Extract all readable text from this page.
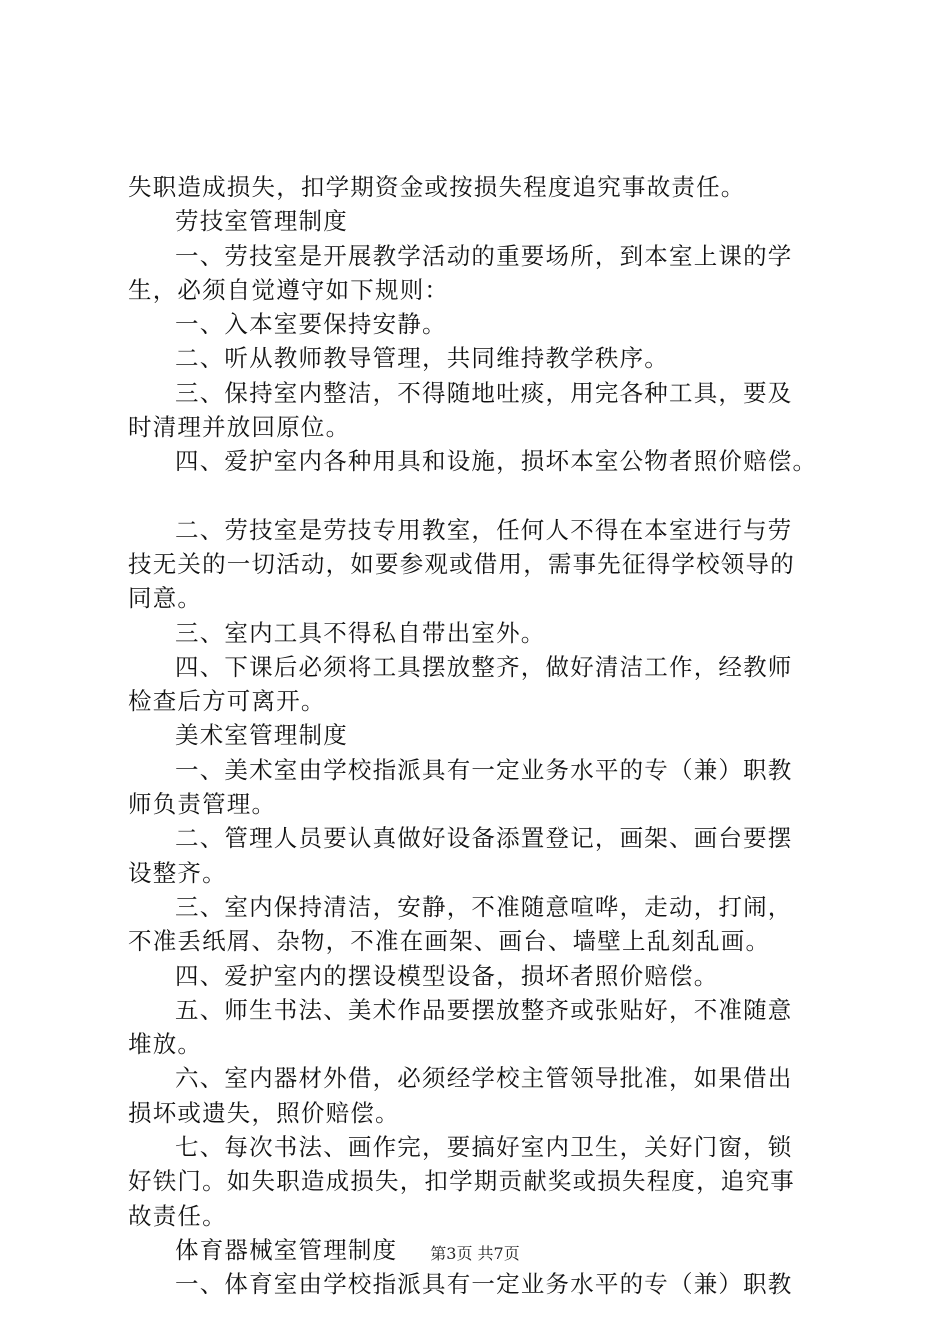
失职造成损失，扣学期资金或按损失程度追究事故责任。

劳技室管理制度

一、劳技室是开展教学活动的重要场所，到本室上课的学

生，必须自觉遵守如下规则：

一、入本室要保持安静。

二、听从教师教导管理，共同维持教学秩序。

三、保持室内整洁，不得随地吐痰，用完各种工具，要及

时清理并放回原位。

四、爱护室内各种用具和设施，损坏本室公物者照价赔偿。

二、劳技室是劳技专用教室，任何人不得在本室进行与劳

技无关的一切活动，如要参观或借用，需事先征得学校领导的

同意。

三、室内工具不得私自带出室外。

四、下课后必须将工具摆放整齐，做好清洁工作，经教师

检查后方可离开。

美术室管理制度

一、美术室由学校指派具有一定业务水平的专（兼）职教

师负责管理。

二、管理人员要认真做好设备添置登记，画架、画台要摆

设整齐。

三、室内保持清洁，安静，不准随意喧哗，走动，打闹，

不准丢纸屑、杂物，不准在画架、画台、墙壁上乱刻乱画。

四、爱护室内的摆设模型设备，损坏者照价赔偿。

五、师生书法、美术作品要摆放整齐或张贴好，不准随意

堆放。

六、室内器材外借，必须经学校主管领导批准，如果借出

损坏或遗失，照价赔偿。

七、每次书法、画作完，要搞好室内卫生，关好门窗，锁

好铁门。如失职造成损失，扣学期贡献奖或损失程度，追究事

故责任。

体育器械室管理制度

一、体育室由学校指派具有一定业务水平的专（兼）职教

第3页 共7页
